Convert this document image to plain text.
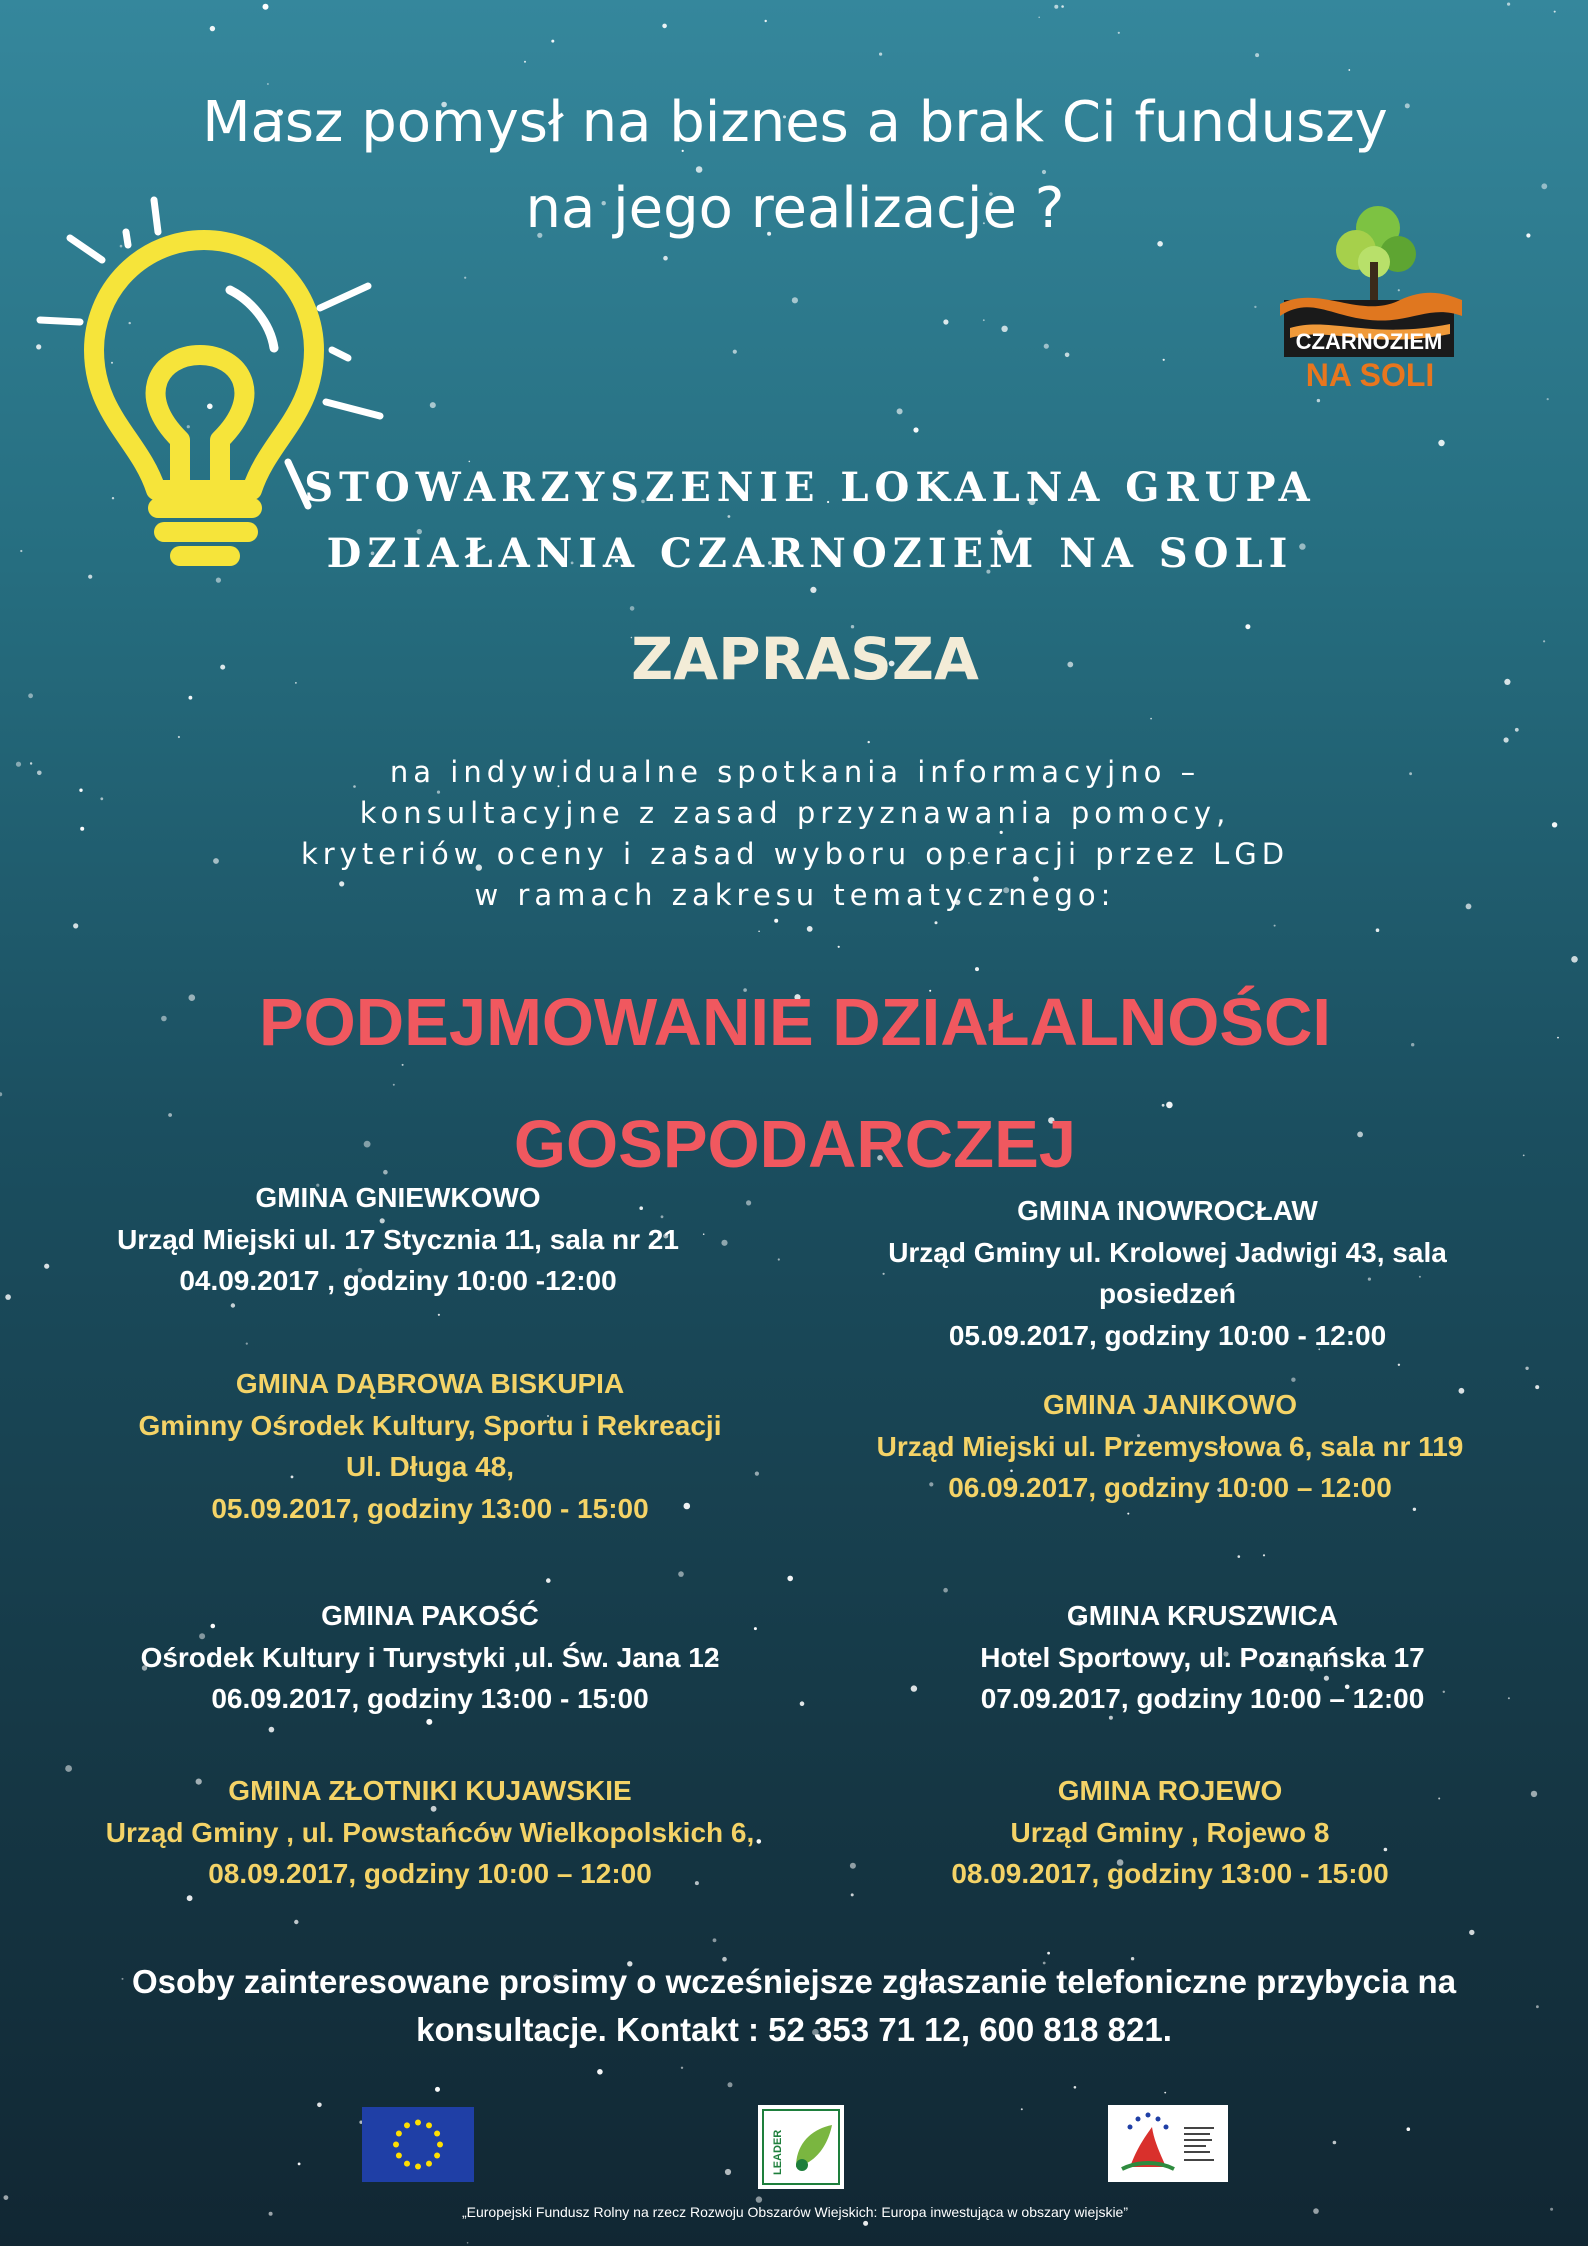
Masz pomysł na biznes a brak Ci funduszy
na jego realizacje ?
CZARNOZIEM
NA SOLI
STOWARZYSZENIE LOKALNA GRUPA
DZIAŁANIA CZARNOZIEM NA SOLI
ZAPRASZA
na indywidualne spotkania informacyjno –
konsultacyjne z zasad przyznawania pomocy,
kryteriów oceny i zasad wyboru operacji przez LGD
w ramach zakresu tematycznego:
PODEJMOWANIE DZIAŁALNOŚCI
GOSPODARCZEJ
GMINA GNIEWKOWO
Urząd Miejski ul. 17 Stycznia 11, sala nr 21
04.09.2017 , godziny 10:00 -12:00
GMINA DĄBROWA BISKUPIA
Gminny Ośrodek Kultury, Sportu i Rekreacji
Ul. Długa 48,
05.09.2017, godziny 13:00 - 15:00
GMINA PAKOŚĆ
Ośrodek Kultury i Turystyki ,ul. Św. Jana 12
06.09.2017, godziny 13:00 - 15:00
GMINA ZŁOTNIKI KUJAWSKIE
Urząd Gminy , ul. Powstańców Wielkopolskich 6,
08.09.2017, godziny 10:00 – 12:00
GMINA INOWROCŁAW
Urząd Gminy ul. Krolowej Jadwigi 43, sala posiedzeń
05.09.2017, godziny 10:00 - 12:00
GMINA JANIKOWO
Urząd Miejski ul. Przemysłowa 6, sala nr 119
06.09.2017, godziny 10:00 – 12:00
GMINA KRUSZWICA
Hotel Sportowy, ul. Poznańska 17
07.09.2017, godziny 10:00 – 12:00
GMINA ROJEWO
Urząd Gminy , Rojewo 8
08.09.2017, godziny 13:00 - 15:00
Osoby zainteresowane prosimy o wcześniejsze zgłaszanie telefoniczne przybycia na
konsultacje. Kontakt : 52 353 71 12, 600 818 821.
LEADER
„Europejski Fundusz Rolny na rzecz Rozwoju Obszarów Wiejskich: Europa inwestująca w obszary wiejskie”
